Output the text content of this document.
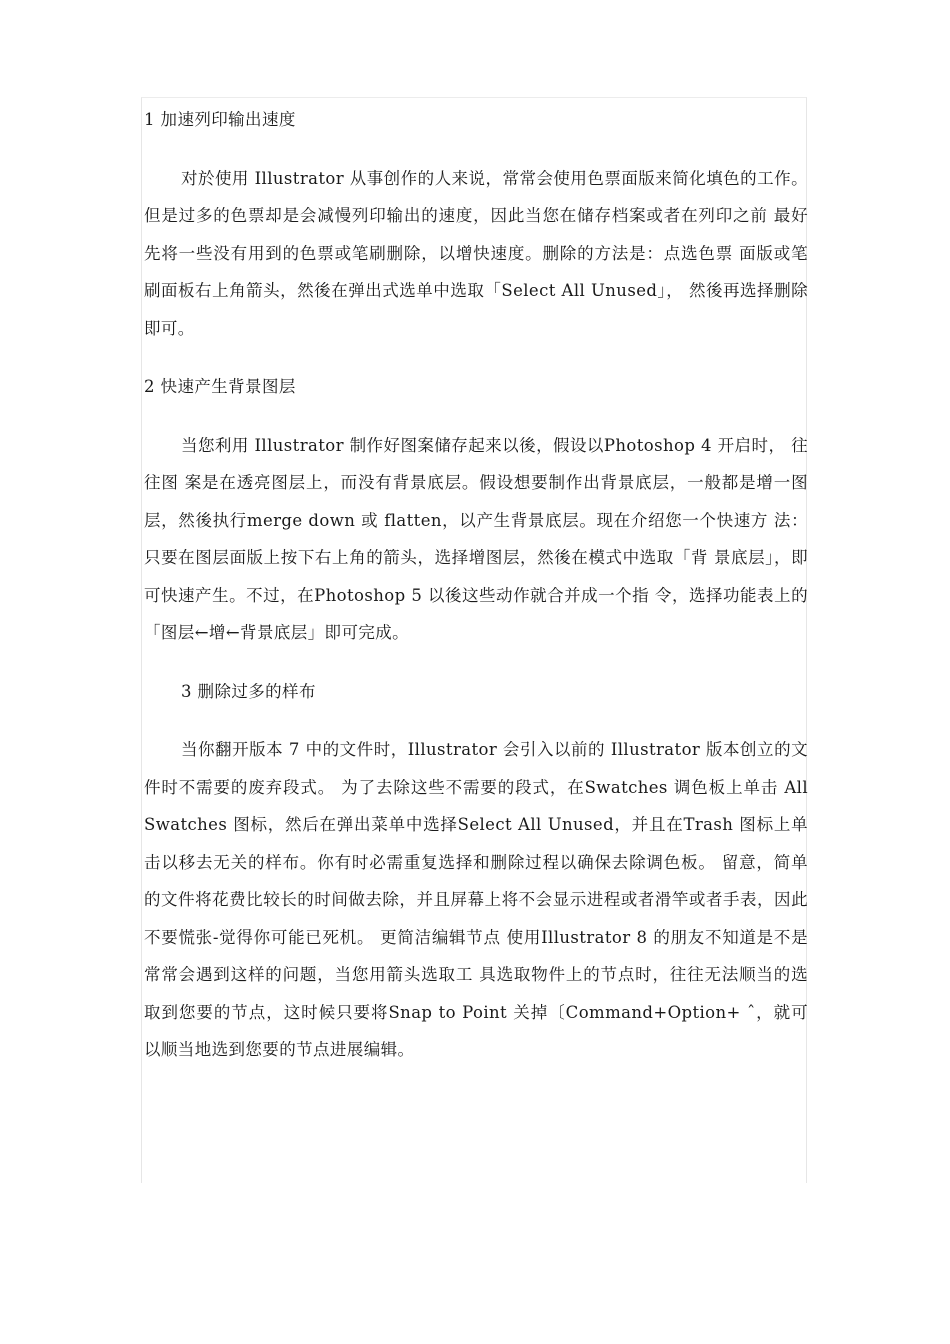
1 加速列印输出速度

对於使用 Illustrator 从事创作的人来说，常常会使用色票面版来简化填色的工作。 但是过多的色票却是会减慢列印输出的速度，因此当您在储存档案或者在列印之前 最好先将一些没有用到的色票或笔刷删除，以增快速度。删除的方法是：点选色票 面版或笔刷面板右上角箭头，然後在弹出式选单中选取「Select All Unused」， 然後再选择删除即可。

2 快速产生背景图层

当您利用 Illustrator 制作好图案储存起来以後，假设以Photoshop 4 开启时， 往往图 案是在透亮图层上，而没有背景底层。假设想要制作出背景底层，一般都是增一图 层，然後执行merge down 或 flatten，以产生背景底层。现在介绍您一个快速方 法：只要在图层面版上按下右上角的箭头，选择增图层，然後在模式中选取「背 景底层」，即可快速产生。不过，在Photoshop 5 以後这些动作就合并成一个指 令，选择功能表上的「图层←增←背景底层」即可完成。

3 删除过多的样布

当你翻开版本 7 中的文件时，Illustrator 会引入以前的 Illustrator 版本创立的文件时不需要的废弃段式。 为了去除这些不需要的段式，在Swatches 调色板上单击 All Swatches 图标，然后在弹出菜单中选择Select All Unused，并且在Trash 图标上单击以移去无关的样布。你有时必需重复选择和删除过程以确保去除调色板。 留意，简单的文件将花费比较长的时间做去除，并且屏幕上将不会显示进程或者滑竿或者手表，因此不要慌张-觉得你可能已死机。 更简洁编辑节点 使用Illustrator 8 的朋友不知道是不是常常会遇到这样的问题，当您用箭头选取工 具选取物件上的节点时，往往无法顺当的选取到您要的节点，这时候只要将Snap to Point 关掉〔Command+Option+ ˆ，就可以顺当地选到您要的节点进展编辑。
